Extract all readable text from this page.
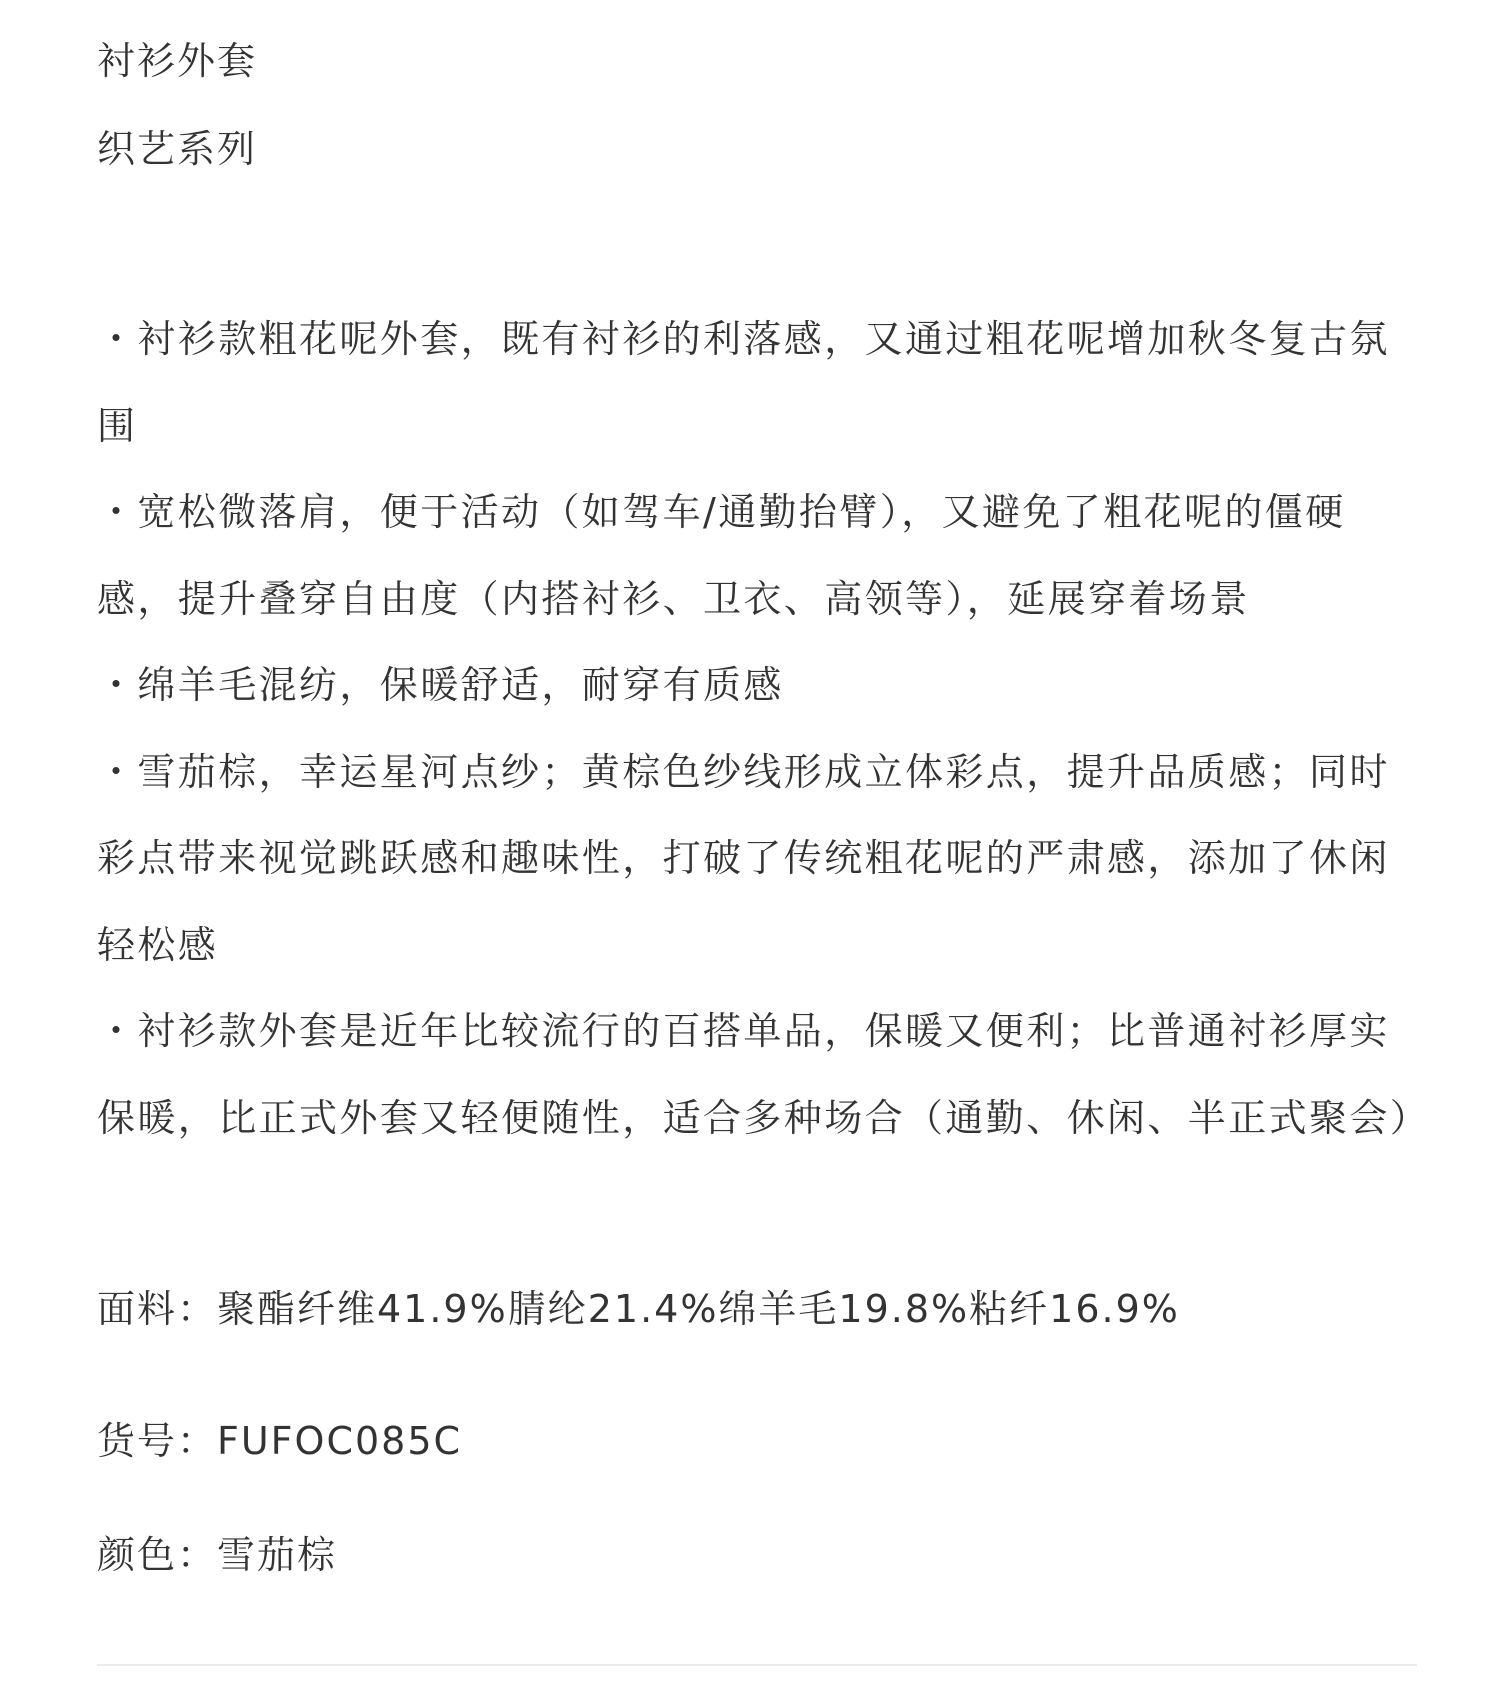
衬衫外套
织艺系列

・衬衫款粗花呢外套，既有衬衫的利落感，又通过粗花呢增加秋冬复古氛围

・宽松微落肩，便于活动（如驾车/通勤抬臂），又避免了粗花呢的僵硬感，提升叠穿自由度（内搭衬衫、卫衣、高领等），延展穿着场景

・绵羊毛混纺，保暖舒适，耐穿有质感

・雪茄棕，幸运星河点纱；黄棕色纱线形成立体彩点，提升品质感；同时彩点带来视觉跳跃感和趣味性，打破了传统粗花呢的严肃感，添加了休闲轻松感

・衬衫款外套是近年比较流行的百搭单品，保暖又便利；比普通衬衫厚实保暖，比正式外套又轻便随性，适合多种场合（通勤、休闲、半正式聚会）

面料：聚酯纤维41.9%腈纶21.4%绵羊毛19.8%粘纤16.9%
货号：FUFOC085C
颜色：雪茄棕
